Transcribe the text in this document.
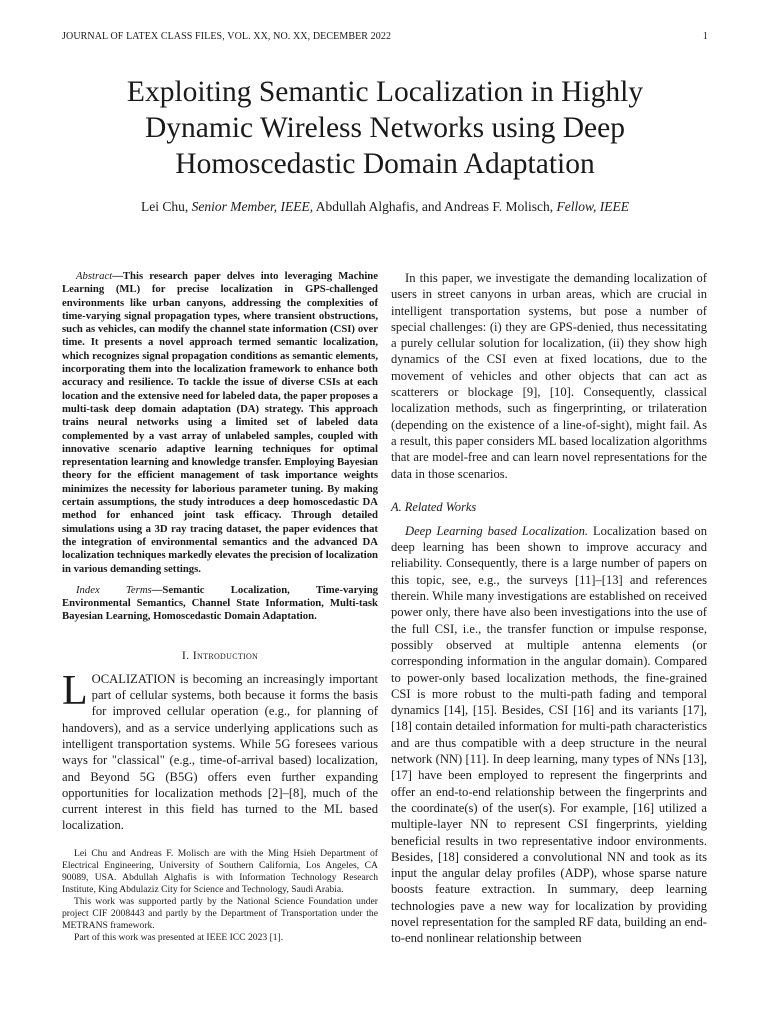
JOURNAL OF LATEX CLASS FILES, VOL. XX, NO. XX, DECEMBER 2022	1
Exploiting Semantic Localization in Highly
Dynamic Wireless Networks using Deep
Homoscedastic Domain Adaptation
Lei Chu, Senior Member, IEEE, Abdullah Alghafis, and Andreas F. Molisch, Fellow, IEEE

Abstract—This research paper delves into leveraging Machine Learning (ML) for precise localization in GPS-challenged environments like urban canyons, addressing the complexities of time-varying signal propagation types, where transient obstructions, such as vehicles, can modify the channel state information (CSI) over time. It presents a novel approach termed semantic localization, which recognizes signal propagation conditions as semantic elements, incorporating them into the localization framework to enhance both accuracy and resilience. To tackle the issue of diverse CSIs at each location and the extensive need for labeled data, the paper proposes a multi-task deep domain adaptation (DA) strategy. This approach trains neural networks using a limited set of labeled data complemented by a vast array of unlabeled samples, coupled with innovative scenario adaptive learning techniques for optimal representation learning and knowledge transfer. Employing Bayesian theory for the efficient management of task importance weights minimizes the necessity for laborious parameter tuning. By making certain assumptions, the study introduces a deep homoscedastic DA method for enhanced joint task efficacy. Through detailed simulations using a 3D ray tracing dataset, the paper evidences that the integration of environmental semantics and the advanced DA localization techniques markedly elevates the precision of localization in various demanding settings.

Index Terms—Semantic Localization, Time-varying Environmental Semantics, Channel State Information, Multi-task Bayesian Learning, Homoscedastic Domain Adaptation.

I. Introduction

LOCALIZATION is becoming an increasingly important part of cellular systems, both because it forms the basis for improved cellular operation (e.g., for planning of handovers), and as a service underlying applications such as intelligent transportation systems. While 5G foresees various ways for "classical" (e.g., time-of-arrival based) localization, and Beyond 5G (B5G) offers even further expanding opportunities for localization methods [2]–[8], much of the current interest in this field has turned to the ML based localization.

Lei Chu and Andreas F. Molisch are with the Ming Hsieh Department of Electrical Engineering, University of Southern California, Los Angeles, CA 90089, USA. Abdullah Alghafis is with Information Technology Research Institute, King Abdulaziz City for Science and Technology, Saudi Arabia.

This work was supported partly by the National Science Foundation under project CIF 2008443 and partly by the Department of Transportation under the METRANS framework.

Part of this work was presented at IEEE ICC 2023 [1].

In this paper, we investigate the demanding localization of users in street canyons in urban areas, which are crucial in intelligent transportation systems, but pose a number of special challenges: (i) they are GPS-denied, thus necessitating a purely cellular solution for localization, (ii) they show high dynamics of the CSI even at fixed locations, due to the movement of vehicles and other objects that can act as scatterers or blockage [9], [10]. Consequently, classical localization methods, such as fingerprinting, or trilateration (depending on the existence of a line-of-sight), might fail. As a result, this paper considers ML based localization algorithms that are model-free and can learn novel representations for the data in those scenarios.

A. Related Works

Deep Learning based Localization. Localization based on deep learning has been shown to improve accuracy and reliability. Consequently, there is a large number of papers on this topic, see, e.g., the surveys [11]–[13] and references therein. While many investigations are established on received power only, there have also been investigations into the use of the full CSI, i.e., the transfer function or impulse response, possibly observed at multiple antenna elements (or corresponding information in the angular domain). Compared to power-only based localization methods, the fine-grained CSI is more robust to the multi-path fading and temporal dynamics [14], [15]. Besides, CSI [16] and its variants [17], [18] contain detailed information for multi-path characteristics and are thus compatible with a deep structure in the neural network (NN) [11]. In deep learning, many types of NNs [13], [17] have been employed to represent the fingerprints and offer an end-to-end relationship between the fingerprints and the coordinate(s) of the user(s). For example, [16] utilized a multiple-layer NN to represent CSI fingerprints, yielding beneficial results in two representative indoor environments. Besides, [18] considered a convolutional NN and took as its input the angular delay profiles (ADP), whose sparse nature boosts feature extraction. In summary, deep learning technologies pave a new way for localization by providing novel representation for the sampled RF data, building an end-to-end nonlinear relationship between
